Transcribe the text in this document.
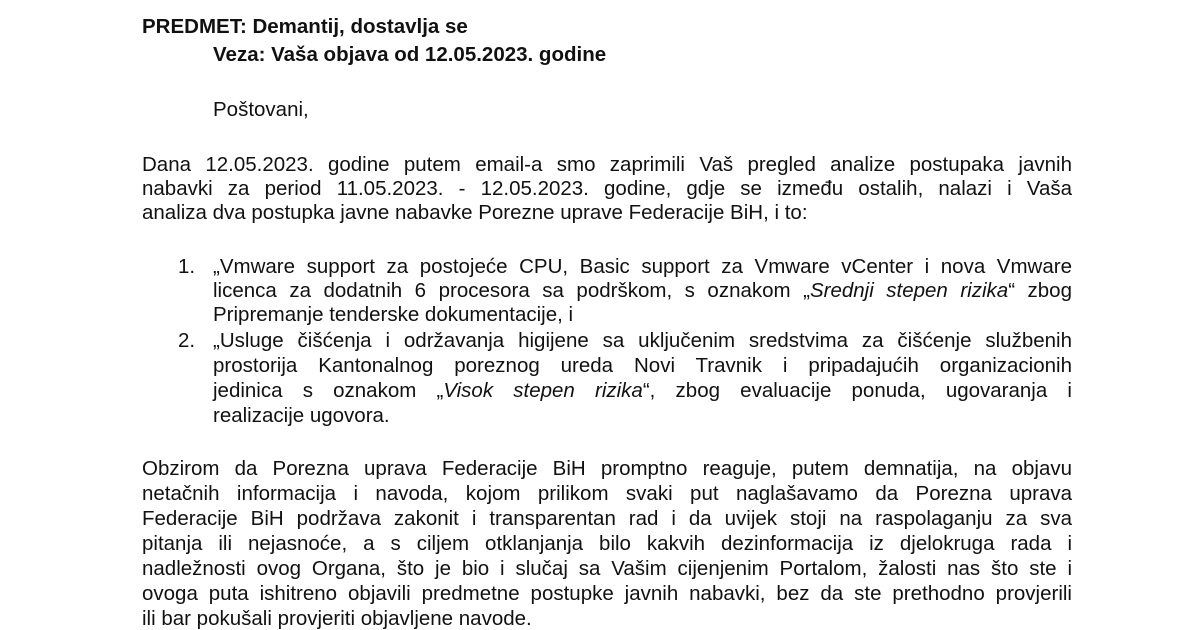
PREDMET: Demantij, dostavlja se
Veza: Vaša objava od 12.05.2023. godine
Poštovani,
Dana 12.05.2023. godine putem email-a smo zaprimili Vaš pregled analize postupaka javnih
nabavki za period 11.05.2023. - 12.05.2023. godine, gdje se između ostalih, nalazi i Vaša
analiza dva postupka javne nabavke Porezne uprave Federacije BiH, i to:
1. „Vmware support za postojeće CPU, Basic support za Vmware vCenter i nova Vmware
licenca za dodatnih 6 procesora sa podrškom, s oznakom „Srednji stepen rizika“ zbog
Pripremanje tenderske dokumentacije, i
2. „Usluge čišćenja i održavanja higijene sa uključenim sredstvima za čišćenje službenih
prostorija Kantonalnog poreznog ureda Novi Travnik i pripadajućih organizacionih
jedinica s oznakom „Visok stepen rizika“, zbog evaluacije ponuda, ugovaranja i
realizacije ugovora.
Obzirom da Porezna uprava Federacije BiH promptno reaguje, putem demnatija, na objavu
netačnih informacija i navoda, kojom prilikom svaki put naglašavamo da Porezna uprava
Federacije BiH podržava zakonit i transparentan rad i da uvijek stoji na raspolaganju za sva
pitanja ili nejasnoće, a s ciljem otklanjanja bilo kakvih dezinformacija iz djelokruga rada i
nadležnosti ovog Organa, što je bio i slučaj sa Vašim cijenjenim Portalom, žalosti nas što ste i
ovoga puta ishitreno objavili predmetne postupke javnih nabavki, bez da ste prethodno provjerili
ili bar pokušali provjeriti objavljene navode.
